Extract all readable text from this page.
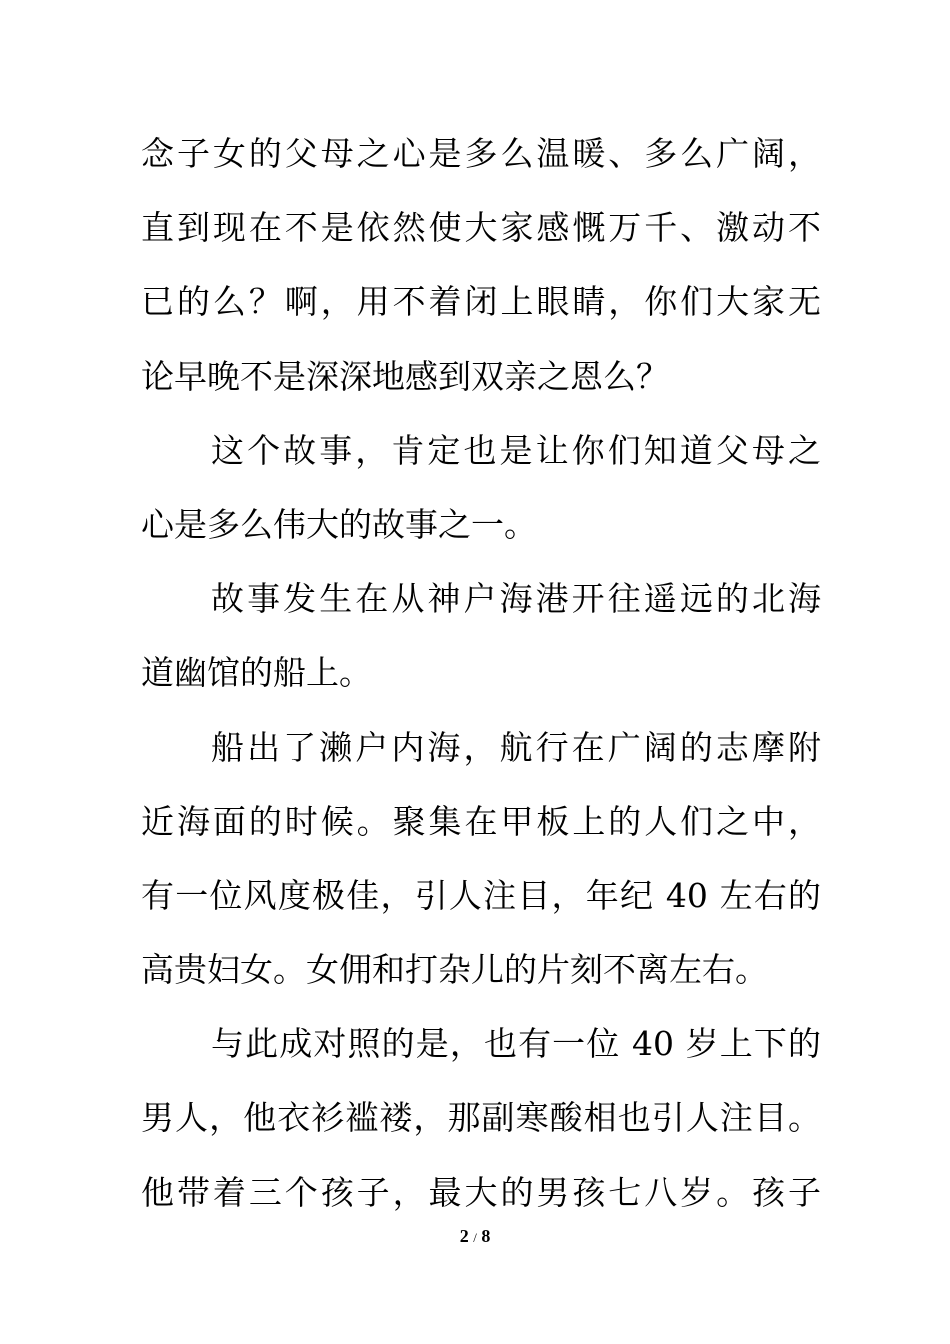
念子女的父母之心是多么温暖、多么广阔，
直到现在不是依然使大家感慨万千、激动不
已的么？啊，用不着闭上眼睛，你们大家无
论早晚不是深深地感到双亲之恩么？
这个故事，肯定也是让你们知道父母之
心是多么伟大的故事之一。
故事发生在从神户海港开往遥远的北海
道幽馆的船上。
船出了濑户内海，航行在广阔的志摩附
近海面的时候。聚集在甲板上的人们之中，
有一位风度极佳，引人注目，年纪 40 左右的
高贵妇女。女佣和打杂儿的片刻不离左右。
与此成对照的是，也有一位 40 岁上下的
男人，他衣衫褴褛，那副寒酸相也引人注目。
他带着三个孩子，最大的男孩七八岁。孩子
2 / 8
